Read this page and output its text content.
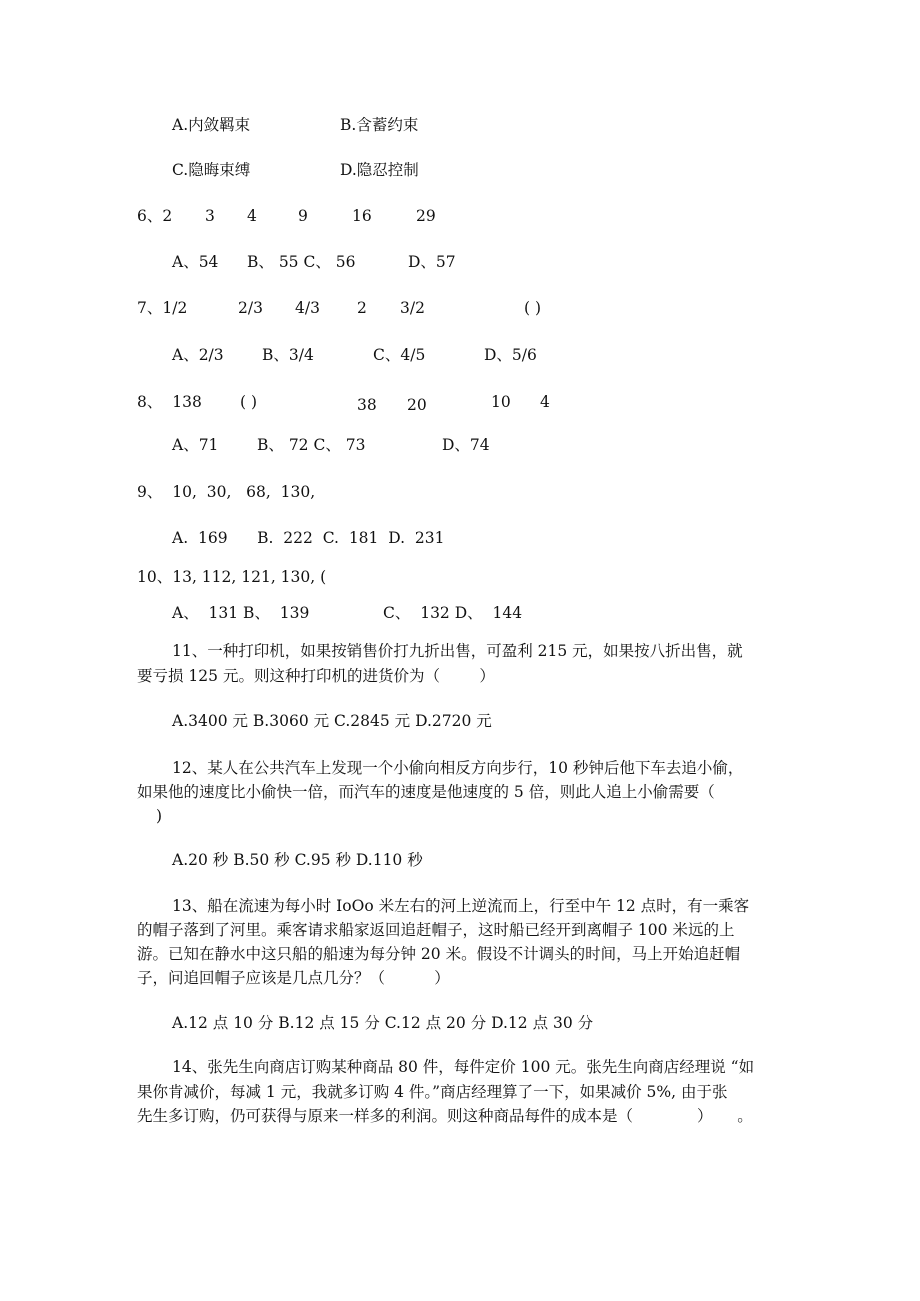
A.内敛羁束	B.含蓄约束
C.隐晦束缚	D.隐忍控制
6、2 3 4	9	16	29
A、54 B、 55 C、 56	D、57
7、1/2	2/3 4/3 2 3/2	( )
A、2/3 B、3/4	C、4/5	D、5/6
8、  138 ( )	38 20	10 4
A、71 B、 72 C、 73	D、74
9、  10,  30,   68,  130,
A.  169      B.  222  C.  181  D.  231
10、13, 112, 121, 130, (
A、  131 B、  139	C、  132 D、  144
11、一种打印机，如果按销售价打九折出售，可盈利 215 元，如果按八折出售，就
要亏损 125 元。则这种打印机的进货价为（        ）
A.3400 元 B.3060 元 C.2845 元 D.2720 元
12、某人在公共汽车上发现一个小偷向相反方向步行，10 秒钟后他下车去追小偷，
如果他的速度比小偷快一倍，而汽车的速度是他速度的 5 倍，则此人追上小偷需要（
)
A.20 秒 B.50 秒 C.95 秒 D.110 秒
13、船在流速为每小时 IoOo 米左右的河上逆流而上，行至中午 12 点时，有一乘客
的帽子落到了河里。乘客请求船家返回追赶帽子，这时船已经开到离帽子 100 米远的上
游。已知在静水中这只船的船速为每分钟 20 米。假设不计调头的时间，马上开始追赶帽
子，问追回帽子应该是几点几分？（          ）
A.12 点 10 分 B.12 点 15 分 C.12 点 20 分 D.12 点 30 分
14、张先生向商店订购某种商品 80 件，每件定价 100 元。张先生向商店经理说 “如
果你肯减价，每减 1 元，我就多订购 4 件。”商店经理算了一下，如果减价 5%, 由于张
先生多订购，仍可获得与原来一样多的利润。则这种商品每件的成本是（             ）     。
